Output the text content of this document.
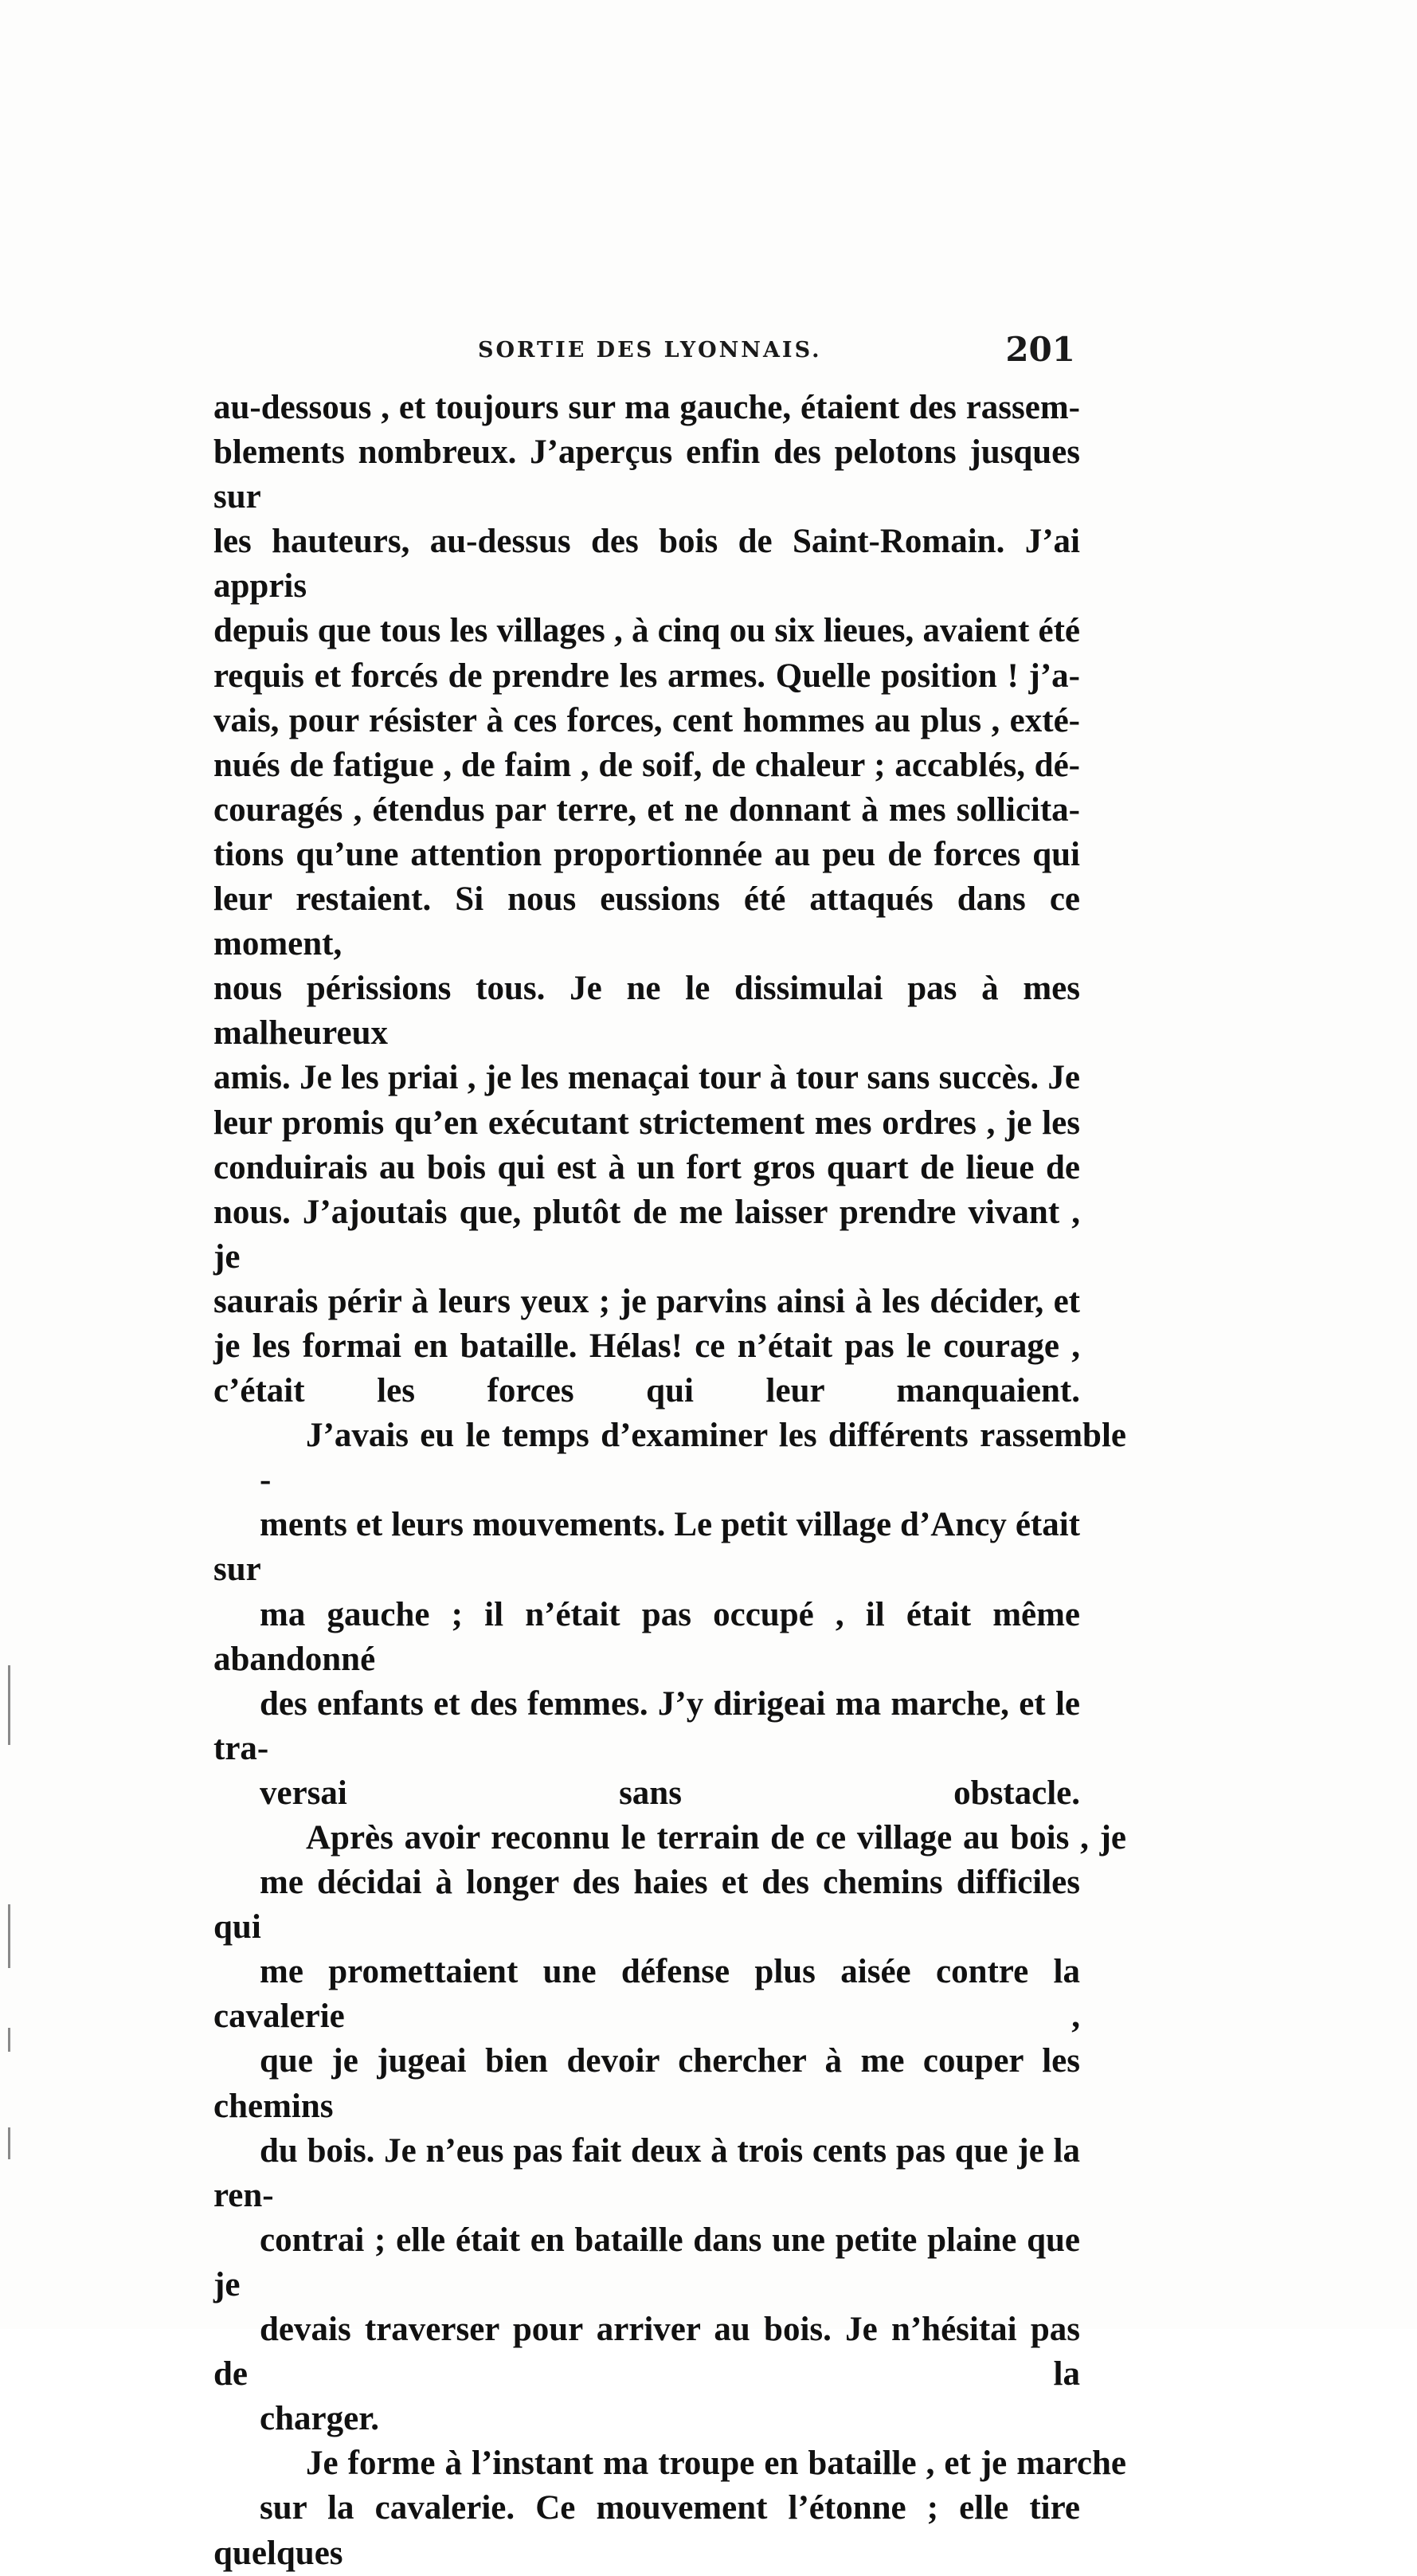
SORTIE DES LYONNAIS.	201
au-dessous , et toujours sur ma gauche, étaient des rassem-
blements nombreux. J’aperçus enfin des pelotons jusques sur
les hauteurs, au-dessus des bois de Saint-Romain. J’ai appris
depuis que tous les villages , à cinq ou six lieues, avaient été
requis et forcés de prendre les armes. Quelle position ! j’a-
vais, pour résister à ces forces, cent hommes au plus , exté-
nués de fatigue , de faim , de soif, de chaleur ; accablés, dé-
couragés , étendus par terre, et ne donnant à mes sollicita-
tions qu’une attention proportionnée au peu de forces qui
leur restaient. Si nous eussions été attaqués dans ce moment,
nous périssions tous. Je ne le dissimulai pas à mes malheureux
amis. Je les priai , je les menaçai tour à tour sans succès. Je
leur promis qu’en exécutant strictement mes ordres , je les
conduirais au bois qui est à un fort gros quart de lieue de
nous. J’ajoutais que, plutôt de me laisser prendre vivant , je
saurais périr à leurs yeux ; je parvins ainsi à les décider, et
je les formai en bataille. Hélas! ce n’était pas le courage ,
c’était les forces qui leur manquaient.
J’avais eu le temps d’examiner les différents rassemble -
ments et leurs mouvements. Le petit village d’Ancy était sur
ma gauche ; il n’était pas occupé , il était même abandonné
des enfants et des femmes. J’y dirigeai ma marche, et le tra-
versai sans obstacle.
Après avoir reconnu le terrain de ce village au bois , je
me décidai à longer des haies et des chemins difficiles qui
me promettaient une défense plus aisée contre la cavalerie ,
que je jugeai bien devoir chercher à me couper les chemins
du bois. Je n’eus pas fait deux à trois cents pas que je la ren-
contrai ; elle était en bataille dans une petite plaine que je
devais traverser pour arriver au bois. Je n’hésitai pas de la
charger.
Je forme à l’instant ma troupe en bataille , et je marche
sur la cavalerie. Ce mouvement l’étonne ; elle tire quelques
